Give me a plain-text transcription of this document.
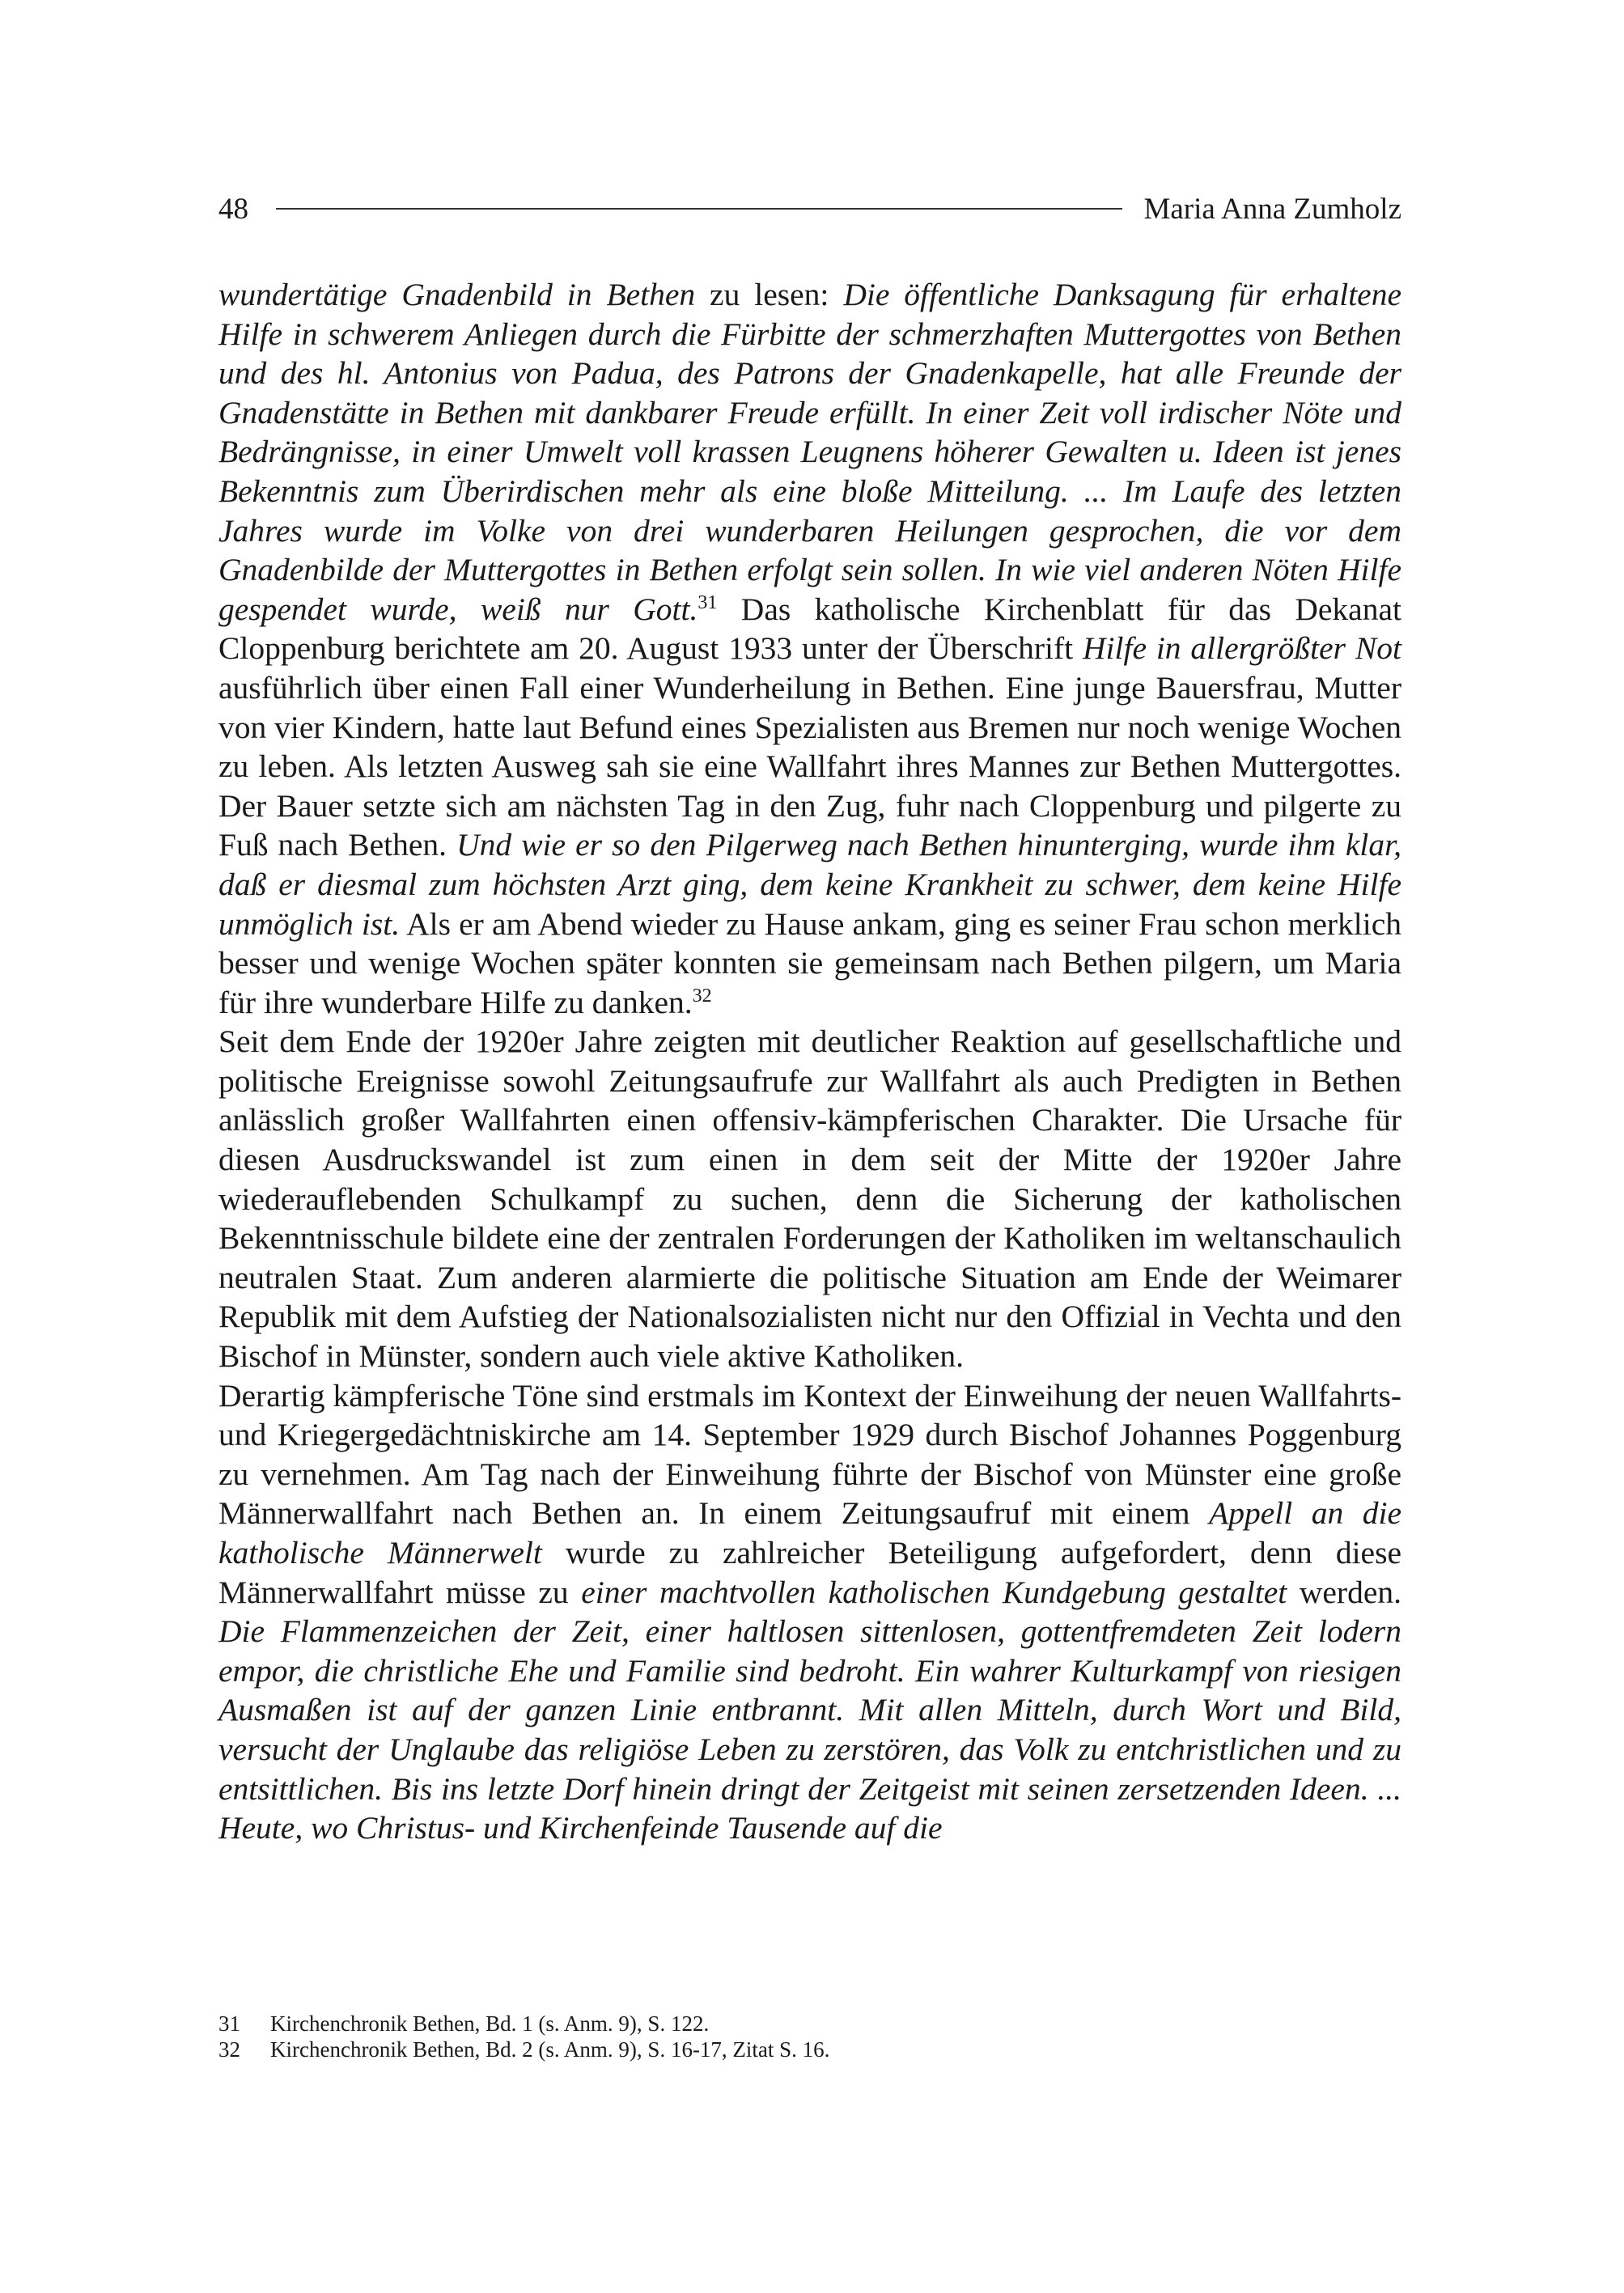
48	Maria Anna Zumholz

wundertätige Gnadenbild in Bethen zu lesen: Die öffentliche Danksagung für erhaltene Hilfe in schwerem Anliegen durch die Fürbitte der schmerzhaften Muttergottes von Bethen und des hl. Antonius von Padua, des Patrons der Gnadenkapelle, hat alle Freunde der Gnadenstätte in Bethen mit dankbarer Freude erfüllt. In einer Zeit voll irdischer Nöte und Bedrängnisse, in einer Umwelt voll krassen Leugnens höherer Gewalten u. Ideen ist jenes Bekenntnis zum Überirdischen mehr als eine bloße Mitteilung. ... Im Laufe des letzten Jahres wurde im Volke von drei wunderbaren Heilungen gesprochen, die vor dem Gnadenbilde der Muttergottes in Bethen erfolgt sein sollen. In wie viel anderen Nöten Hilfe gespendet wurde, weiß nur Gott.$^{31}$ Das katholische Kirchenblatt für das Dekanat Cloppenburg berichtete am 20. August 1933 unter der Überschrift Hilfe in allergrößter Not ausführlich über einen Fall einer Wunderheilung in Bethen. Eine junge Bauersfrau, Mutter von vier Kindern, hatte laut Befund eines Spezialisten aus Bremen nur noch wenige Wochen zu leben. Als letzten Ausweg sah sie eine Wallfahrt ihres Mannes zur Bethen Muttergottes. Der Bauer setzte sich am nächsten Tag in den Zug, fuhr nach Cloppenburg und pilgerte zu Fuß nach Bethen. Und wie er so den Pilgerweg nach Bethen hinunterging, wurde ihm klar, daß er diesmal zum höchsten Arzt ging, dem keine Krankheit zu schwer, dem keine Hilfe unmöglich ist. Als er am Abend wieder zu Hause ankam, ging es seiner Frau schon merklich besser und wenige Wochen später konnten sie gemeinsam nach Bethen pilgern, um Maria für ihre wunderbare Hilfe zu danken.$^{32}$

Seit dem Ende der 1920er Jahre zeigten mit deutlicher Reaktion auf gesellschaftliche und politische Ereignisse sowohl Zeitungsaufrufe zur Wallfahrt als auch Predigten in Bethen anlässlich großer Wallfahrten einen offensiv-kämpferischen Charakter. Die Ursache für diesen Ausdruckswandel ist zum einen in dem seit der Mitte der 1920er Jahre wiederauflebenden Schulkampf zu suchen, denn die Sicherung der katholischen Bekenntnisschule bildete eine der zentralen Forderungen der Katholiken im weltanschaulich neutralen Staat. Zum anderen alarmierte die politische Situation am Ende der Weimarer Republik mit dem Aufstieg der Nationalsozialisten nicht nur den Offizial in Vechta und den Bischof in Münster, sondern auch viele aktive Katholiken.

Derartig kämpferische Töne sind erstmals im Kontext der Einweihung der neuen Wallfahrts- und Kriegergedächtniskirche am 14. September 1929 durch Bischof Johannes Poggenburg zu vernehmen. Am Tag nach der Einweihung führte der Bischof von Münster eine große Männerwallfahrt nach Bethen an. In einem Zeitungsaufruf mit einem Appell an die katholische Männerwelt wurde zu zahlreicher Beteiligung aufgefordert, denn diese Männerwallfahrt müsse zu einer machtvollen katholischen Kundgebung gestaltet werden. Die Flammenzeichen der Zeit, einer haltlosen sittenlosen, gottentfremdeten Zeit lodern empor, die christliche Ehe und Familie sind bedroht. Ein wahrer Kulturkampf von riesigen Ausmaßen ist auf der ganzen Linie entbrannt. Mit allen Mitteln, durch Wort und Bild, versucht der Unglaube das religiöse Leben zu zerstören, das Volk zu entchristlichen und zu entsittlichen. Bis ins letzte Dorf hinein dringt der Zeitgeist mit seinen zersetzenden Ideen. ... Heute, wo Christus- und Kirchenfeinde Tausende auf die

31	Kirchenchronik Bethen, Bd. 1 (s. Anm. 9), S. 122.
32	Kirchenchronik Bethen, Bd. 2 (s. Anm. 9), S. 16-17, Zitat S. 16.
